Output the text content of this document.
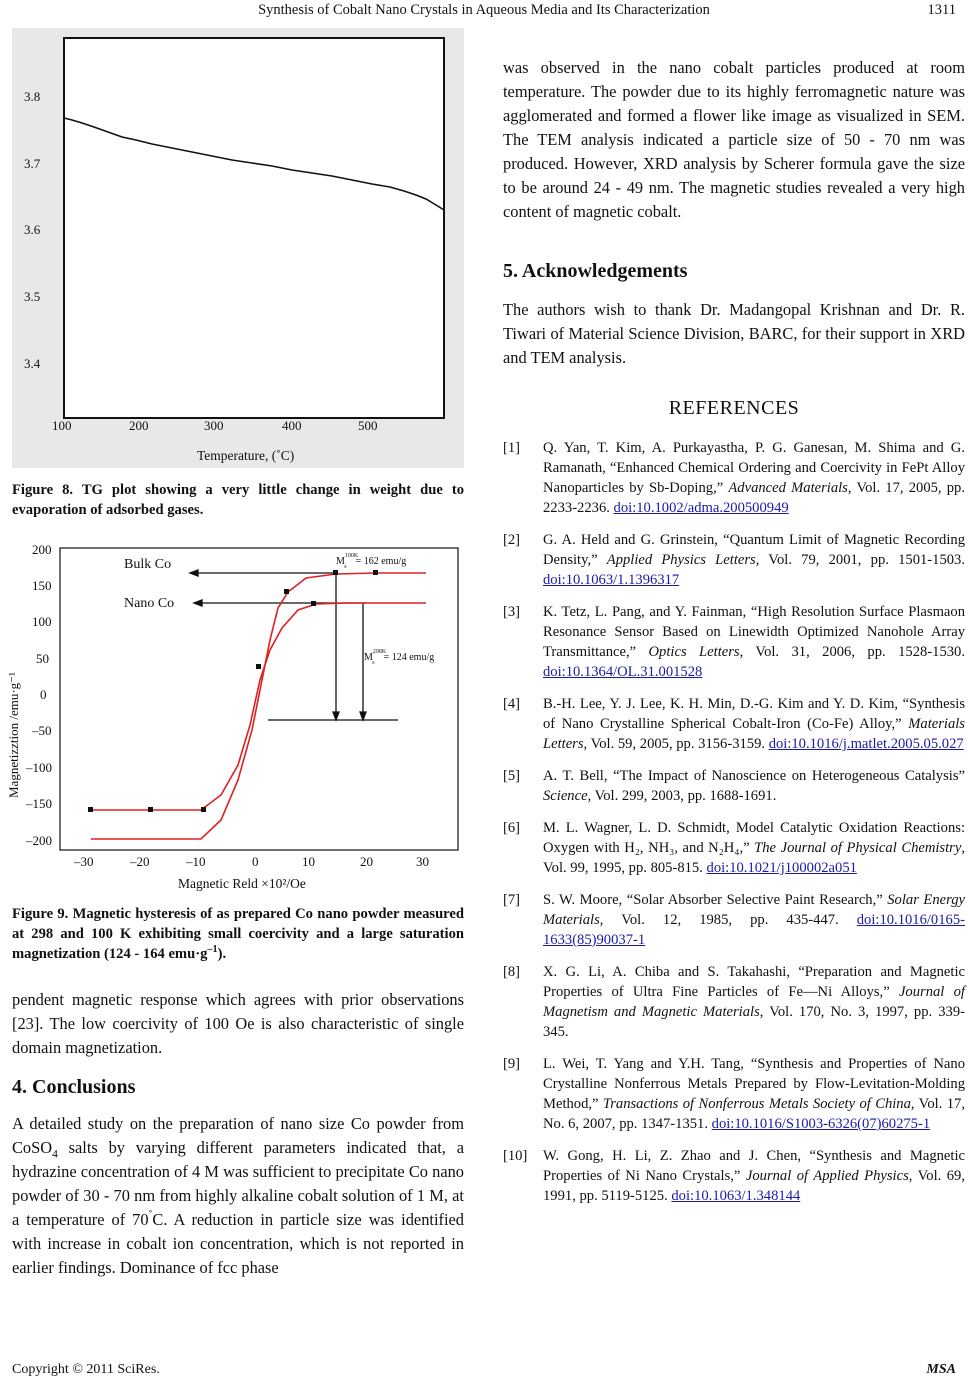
Synthesis of Cobalt Nano Crystals in Aqueous Media and Its Characterization	1311
3.8
3.7
3.6
3.5
3.4
100	200	300	400	500
Temperature, (˚C)
Figure 8. TG plot showing a very little change in weight due to evaporation of adsorbed gases.
200
150
100
50
0
–50
–100
–150
–200
–30	–20	–10	0	10	20	30
Magnetic Reld ×10²/Oe
Magnetizztion /emu·g⁻¹
Bulk Co
Nano Co
$M^{100K}$ s = 162 emu/g
$M^{298K}$ s = 124 emu/g
Figure 9. Magnetic hysteresis of as prepared Co nano powder measured at 298 and 100 K exhibiting small coercivity and a large saturation magnetization (124 - 164 $emu\cdot g^{-1}$).
pendent magnetic response which agrees with prior observations [23]. The low coercivity of 100 Oe is also characteristic of single domain magnetization.
4. Conclusions
A detailed study on the preparation of nano size Co powder from CoSO$_4$ salts by varying different parameters indicated that, a hydrazine concentration of 4 M was sufficient to precipitate Co nano powder of 30 - 70 nm from highly alkaline cobalt solution of 1 M, at a temperature of 70˚C. A reduction in particle size was identified with increase in cobalt ion concentration, which is not reported in earlier findings. Dominance of fcc phase
was observed in the nano cobalt particles produced at room temperature. The powder due to its highly ferromagnetic nature was agglomerated and formed a flower like image as visualized in SEM. The TEM analysis indicated a particle size of 50 - 70 nm was produced. However, XRD analysis by Scherer formula gave the size to be around 24 - 49 nm. The magnetic studies revealed a very high content of magnetic cobalt.
5. Acknowledgements
The authors wish to thank Dr. Madangopal Krishnan and Dr. R. Tiwari of Material Science Division, BARC, for their support in XRD and TEM analysis.
REFERENCES
[1] Q. Yan, T. Kim, A. Purkayastha, P. G. Ganesan, M. Shima and G. Ramanath, “Enhanced Chemical Ordering and Coercivity in FePt Alloy Nanoparticles by Sb-Doping,” Advanced Materials, Vol. 17, 2005, pp. 2233-2236. doi:10.1002/adma.200500949
[2] G. A. Held and G. Grinstein, “Quantum Limit of Magnetic Recording Density,” Applied Physics Letters, Vol. 79, 2001, pp. 1501-1503. doi:10.1063/1.1396317
[3] K. Tetz, L. Pang, and Y. Fainman, “High Resolution Surface Plasmaon Resonance Sensor Based on Linewidth Optimized Nanohole Array Transmittance,” Optics Letters, Vol. 31, 2006, pp. 1528-1530. doi:10.1364/OL.31.001528
[4] B.-H. Lee, Y. J. Lee, K. H. Min, D.-G. Kim and Y. D. Kim, “Synthesis of Nano Crystalline Spherical Cobalt-Iron (Co-Fe) Alloy,” Materials Letters, Vol. 59, 2005, pp. 3156-3159. doi:10.1016/j.matlet.2005.05.027
[5] A. T. Bell, “The Impact of Nanoscience on Heterogeneous Catalysis” Science, Vol. 299, 2003, pp. 1688-1691.
[6] M. L. Wagner, L. D. Schmidt, Model Catalytic Oxidation Reactions: Oxygen with H₂, NH₃, and N₂H₄,” The Journal of Physical Chemistry, Vol. 99, 1995, pp. 805-815. doi:10.1021/j100002a051
[7] S. W. Moore, “Solar Absorber Selective Paint Research,” Solar Energy Materials, Vol. 12, 1985, pp. 435-447. doi:10.1016/0165-1633(85)90037-1
[8] X. G. Li, A. Chiba and S. Takahashi, “Preparation and Magnetic Properties of Ultra Fine Particles of Fe—Ni Alloys,” Journal of Magnetism and Magnetic Materials, Vol. 170, No. 3, 1997, pp. 339-345.
[9] L. Wei, T. Yang and Y.H. Tang, “Synthesis and Properties of Nano Crystalline Nonferrous Metals Prepared by Flow-Levitation-Molding Method,” Transactions of Nonferrous Metals Society of China, Vol. 17, No. 6, 2007, pp. 1347-1351. doi:10.1016/S1003-6326(07)60275-1
[10] W. Gong, H. Li, Z. Zhao and J. Chen, “Synthesis and Magnetic Properties of Ni Nano Crystals,” Journal of Applied Physics, Vol. 69, 1991, pp. 5119-5125. doi:10.1063/1.348144
Copyright © 2011 SciRes.	MSA
